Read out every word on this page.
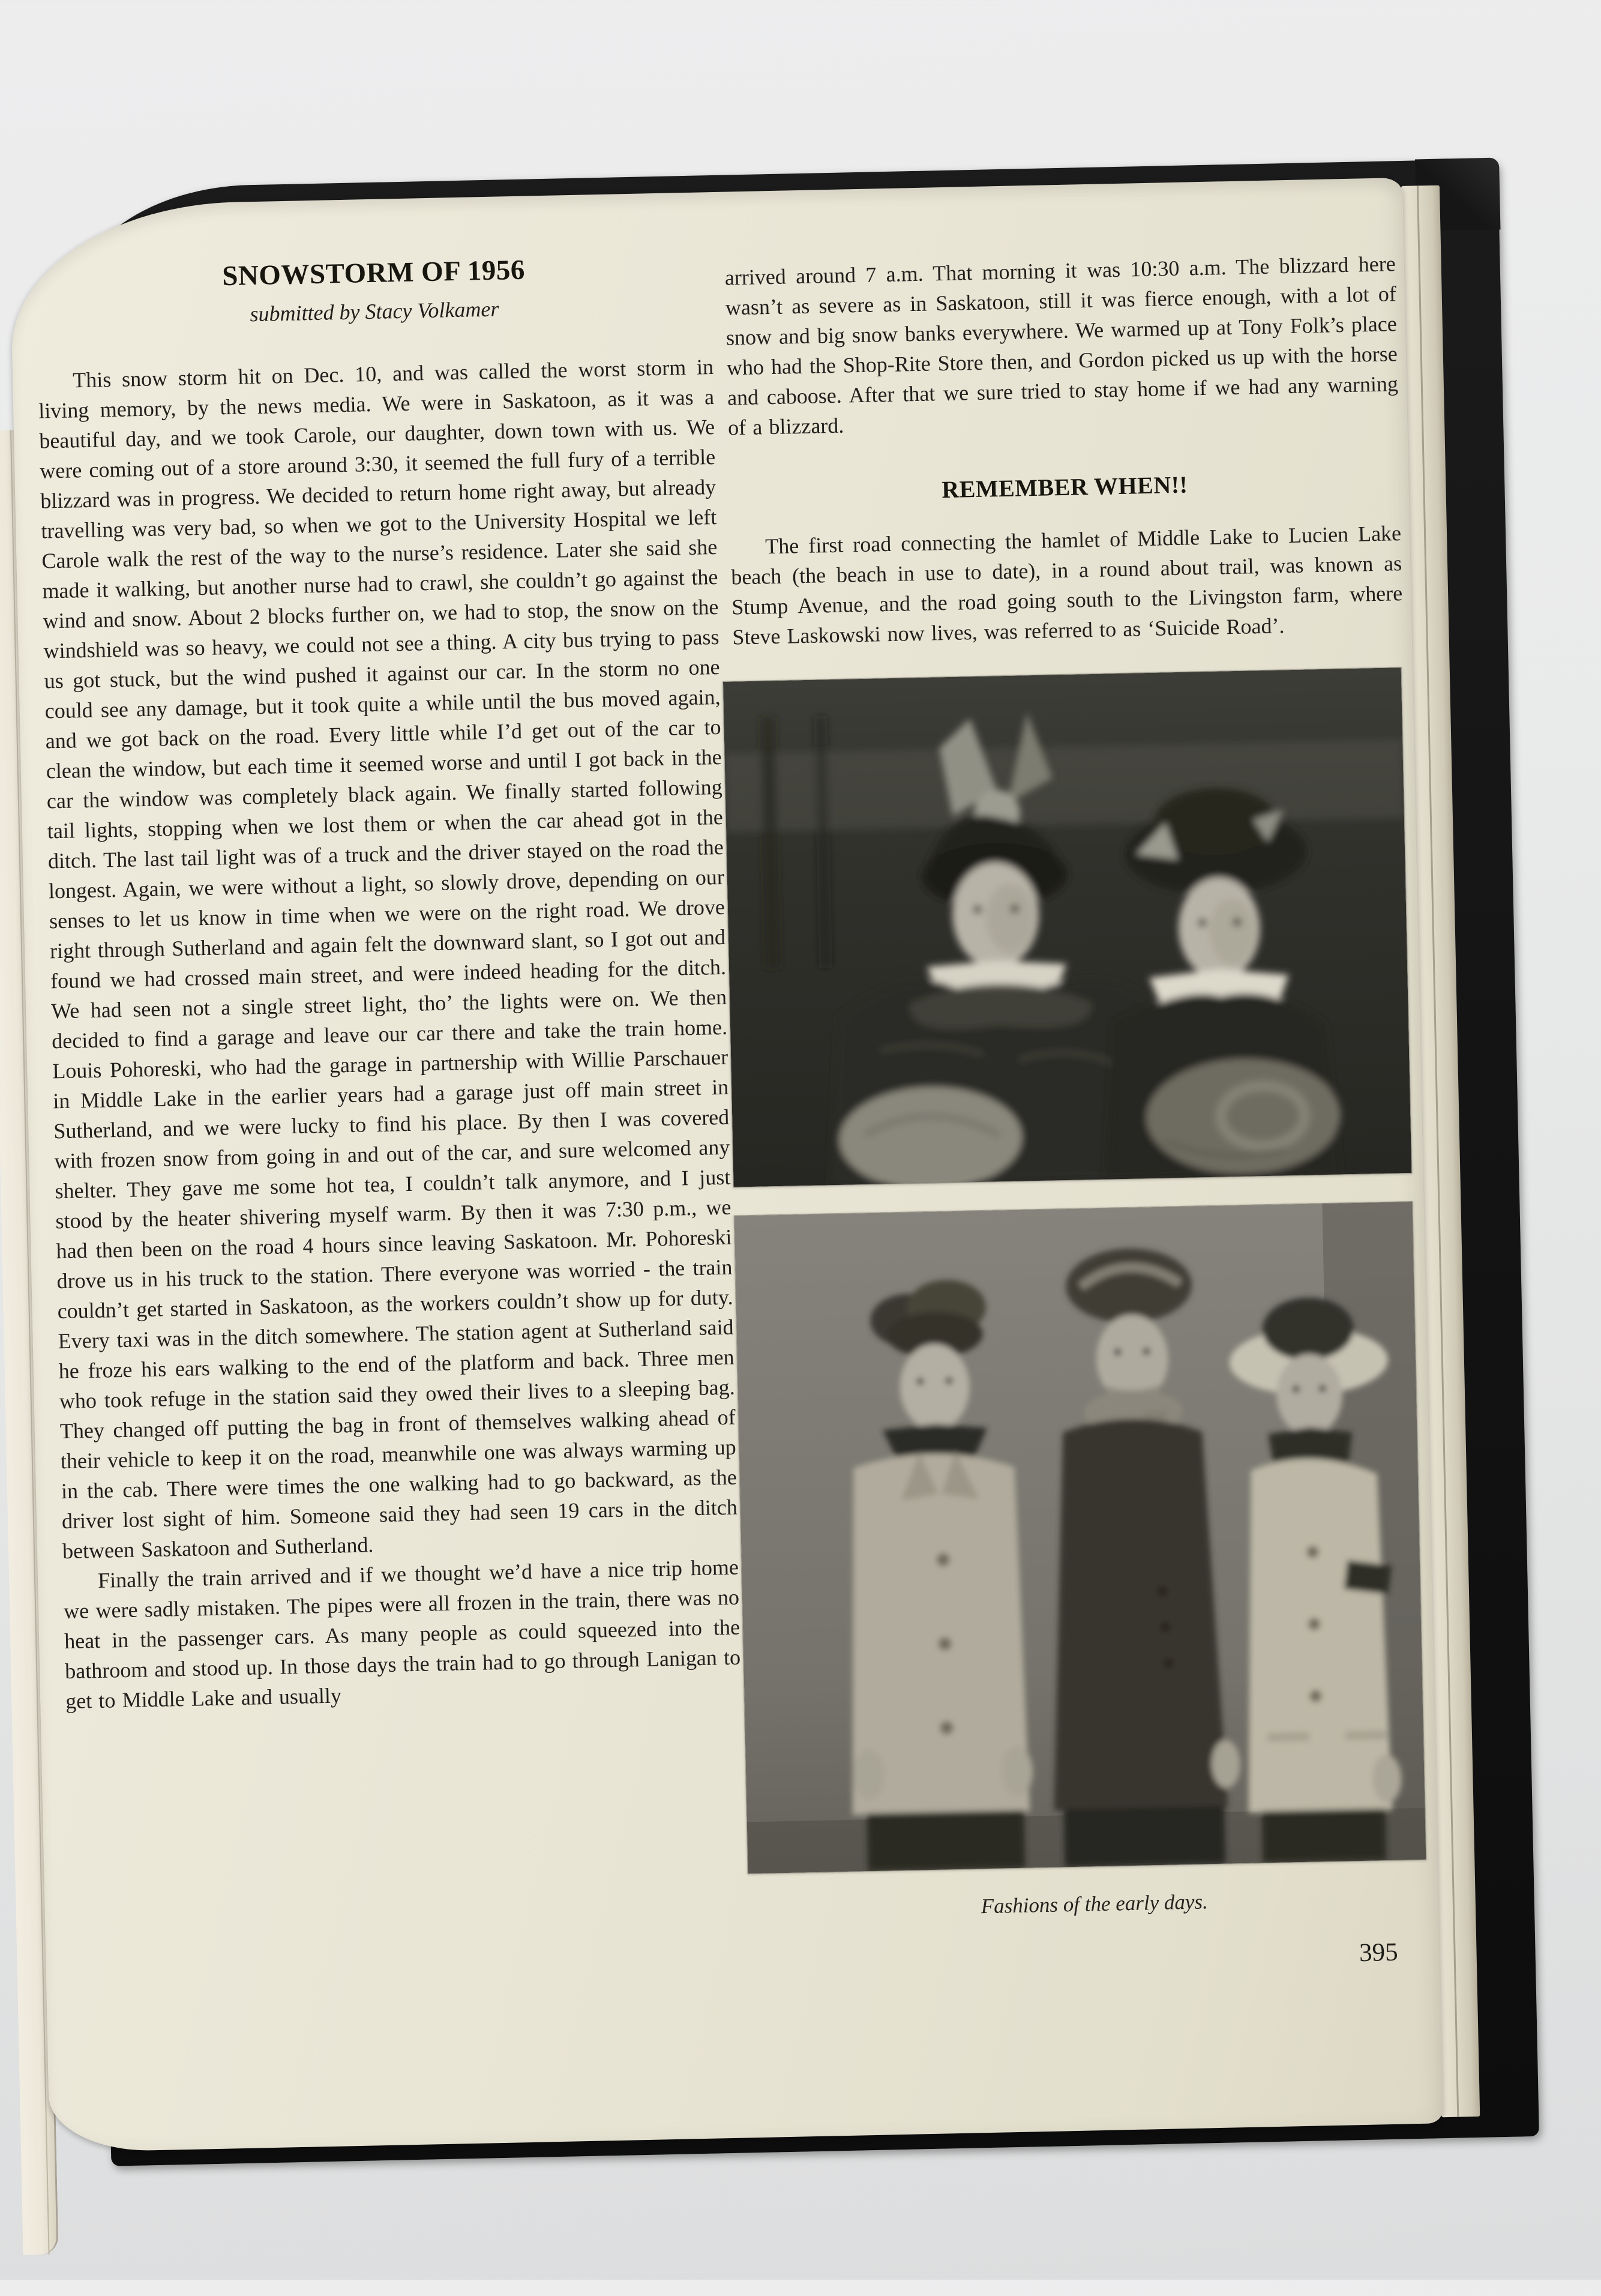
SNOWSTORM OF 1956

submitted by Stacy Volkamer

This snow storm hit on Dec. 10, and was called the worst storm in living memory, by the news media. We were in Saskatoon, as it was a beautiful day, and we took Carole, our daughter, down town with us. We were coming out of a store around 3:30, it seemed the full fury of a terrible blizzard was in progress. We decided to return home right away, but already travelling was very bad, so when we got to the University Hospital we left Carole walk the rest of the way to the nurse’s residence. Later she said she made it walking, but another nurse had to crawl, she couldn’t go against the wind and snow. About 2 blocks further on, we had to stop, the snow on the windshield was so heavy, we could not see a thing. A city bus trying to pass us got stuck, but the wind pushed it against our car. In the storm no one could see any damage, but it took quite a while until the bus moved again, and we got back on the road. Every little while I’d get out of the car to clean the window, but each time it seemed worse and until I got back in the car the window was completely black again. We finally started following tail lights, stopping when we lost them or when the car ahead got in the ditch. The last tail light was of a truck and the driver stayed on the road the longest. Again, we were without a light, so slowly drove, depending on our senses to let us know in time when we were on the right road. We drove right through Sutherland and again felt the downward slant, so I got out and found we had crossed main street, and were indeed heading for the ditch. We had seen not a single street light, tho’ the lights were on. We then decided to find a garage and leave our car there and take the train home. Louis Pohoreski, who had the garage in partnership with Willie Parschauer in Middle Lake in the earlier years had a garage just off main street in Sutherland, and we were lucky to find his place. By then I was covered with frozen snow from going in and out of the car, and sure welcomed any shelter. They gave me some hot tea, I couldn’t talk anymore, and I just stood by the heater shivering myself warm. By then it was 7:30 p.m., we had then been on the road 4 hours since leaving Saskatoon. Mr. Pohoreski drove us in his truck to the station. There everyone was worried - the train couldn’t get started in Saskatoon, as the workers couldn’t show up for duty. Every taxi was in the ditch somewhere. The station agent at Sutherland said he froze his ears walking to the end of the platform and back. Three men who took refuge in the station said they owed their lives to a sleeping bag. They changed off putting the bag in front of themselves walking ahead of their vehicle to keep it on the road, meanwhile one was always warming up in the cab. There were times the one walking had to go backward, as the driver lost sight of him. Someone said they had seen 19 cars in the ditch between Saskatoon and Sutherland.

Finally the train arrived and if we thought we’d have a nice trip home we were sadly mistaken. The pipes were all frozen in the train, there was no heat in the passenger cars. As many people as could squeezed into the bathroom and stood up. In those days the train had to go through Lanigan to get to Middle Lake and usually

arrived around 7 a.m. That morning it was 10:30 a.m. The blizzard here wasn’t as severe as in Saskatoon, still it was fierce enough, with a lot of snow and big snow banks everywhere. We warmed up at Tony Folk’s place who had the Shop-Rite Store then, and Gordon picked us up with the horse and caboose. After that we sure tried to stay home if we had any warning of a blizzard.

REMEMBER WHEN!!

The first road connecting the hamlet of Middle Lake to Lucien Lake beach (the beach in use to date), in a round about trail, was known as Stump Avenue, and the road going south to the Livingston farm, where Steve Laskowski now lives, was referred to as ‘Suicide Road’.

Fashions of the early days.

395
